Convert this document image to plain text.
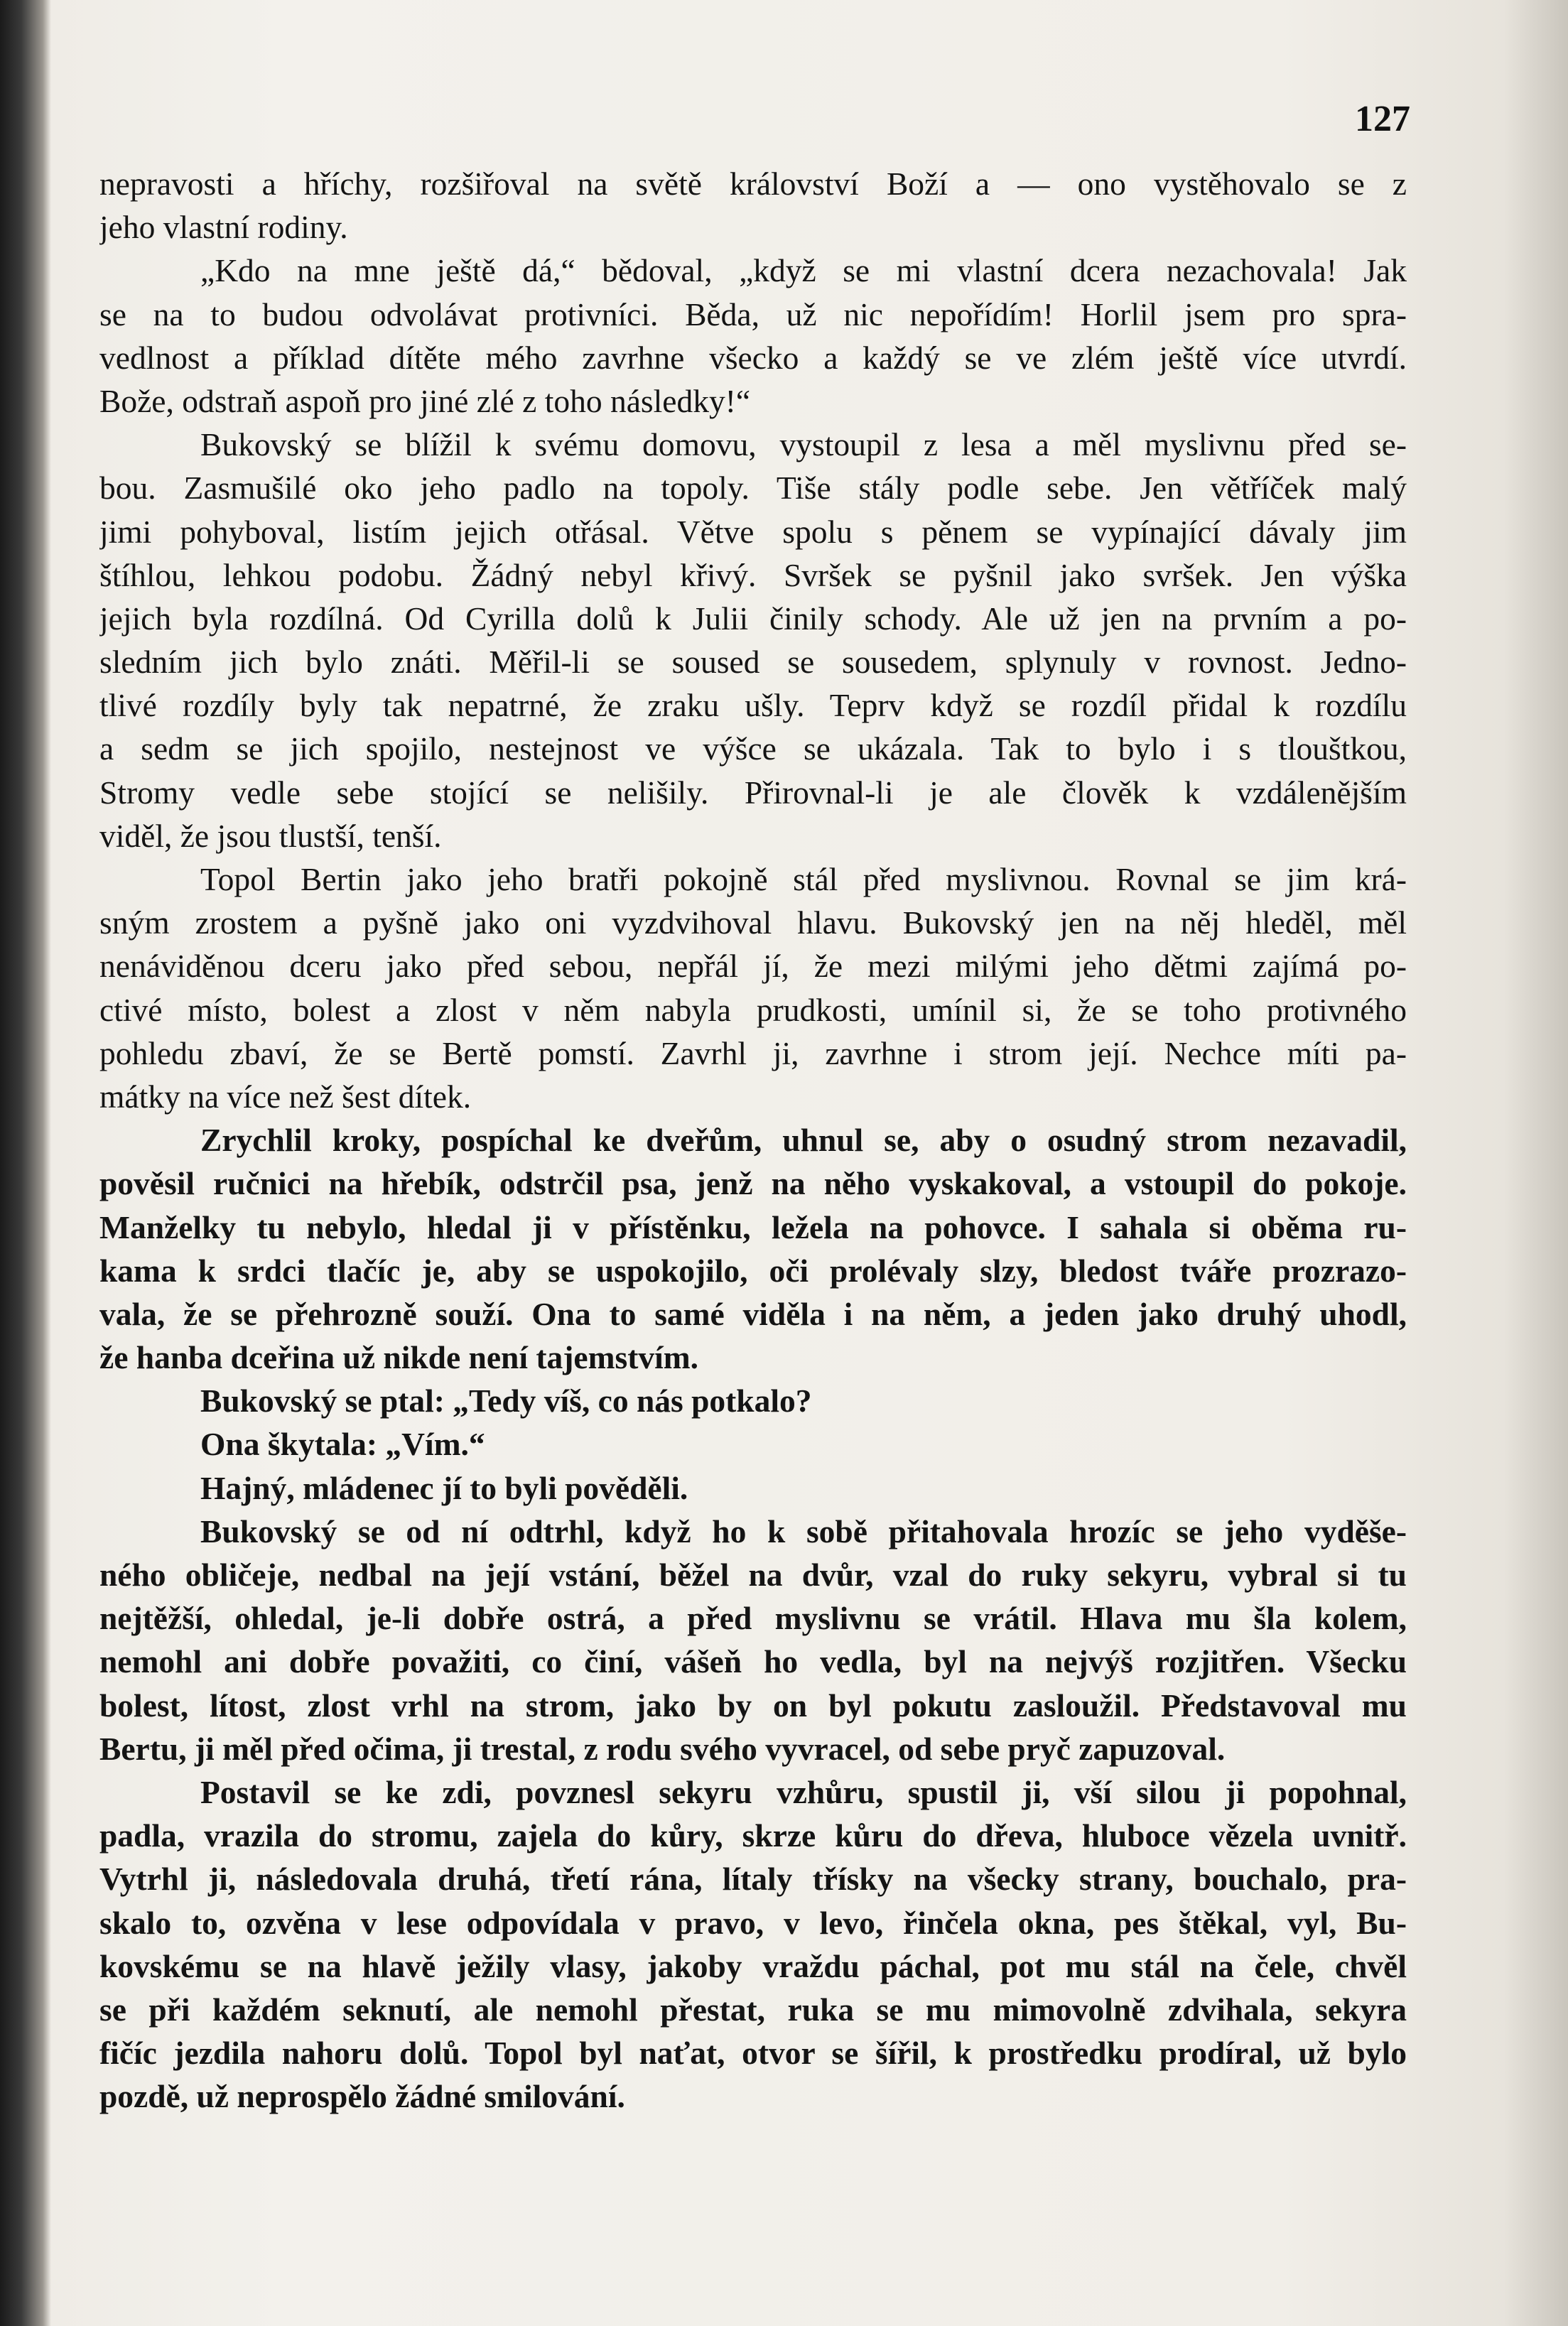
127
nepravosti a hříchy, rozšiřoval na světě království Boží a — ono vystěhovalo se z
jeho vlastní rodiny.
„Kdo na mne ještě dá,“ bědoval, „když se mi vlastní dcera nezachovala! Jak
se na to budou odvolávat protivníci. Běda, už nic nepořídím! Horlil jsem pro spra-
vedlnost a příklad dítěte mého zavrhne všecko a každý se ve zlém ještě více utvrdí.
Bože, odstraň aspoň pro jiné zlé z toho následky!“
Bukovský se blížil k svému domovu, vystoupil z lesa a měl myslivnu před se-
bou. Zasmušilé oko jeho padlo na topoly. Tiše stály podle sebe. Jen větříček malý
jimi pohyboval, listím jejich otřásal. Větve spolu s pěnem se vypínající dávaly jim
štíhlou, lehkou podobu. Žádný nebyl křivý. Svršek se pyšnil jako svršek. Jen výška
jejich byla rozdílná. Od Cyrilla dolů k Julii činily schody. Ale už jen na prvním a po-
sledním jich bylo znáti. Měřil-li se soused se sousedem, splynuly v rovnost. Jedno-
tlivé rozdíly byly tak nepatrné, že zraku ušly. Teprv když se rozdíl přidal k rozdílu
a sedm se jich spojilo, nestejnost ve výšce se ukázala. Tak to bylo i s tlouštkou,
Stromy vedle sebe stojící se nelišily. Přirovnal-li je ale člověk k vzdálenějším
viděl, že jsou tlustší, tenší.
Topol Bertin jako jeho bratři pokojně stál před myslivnou. Rovnal se jim krá-
sným zrostem a pyšně jako oni vyzdvihoval hlavu. Bukovský jen na něj hleděl, měl
nenáviděnou dceru jako před sebou, nepřál jí, že mezi milými jeho dětmi zajímá po-
ctivé místo, bolest a zlost v něm nabyla prudkosti, umínil si, že se toho protivného
pohledu zbaví, že se Bertě pomstí. Zavrhl ji, zavrhne i strom její. Nechce míti pa-
mátky na více než šest dítek.
Zrychlil kroky, pospíchal ke dveřům, uhnul se, aby o osudný strom nezavadil,
pověsil ručnici na hřebík, odstrčil psa, jenž na něho vyskakoval, a vstoupil do pokoje.
Manželky tu nebylo, hledal ji v přístěnku, ležela na pohovce. I sahala si oběma ru-
kama k srdci tlačíc je, aby se uspokojilo, oči prolévaly slzy, bledost tváře prozrazo-
vala, že se přehrozně souží. Ona to samé viděla i na něm, a jeden jako druhý uhodl,
že hanba dceřina už nikde není tajemstvím.
Bukovský se ptal: „Tedy víš, co nás potkalo?
Ona škytala: „Vím.“
Hajný, mládenec jí to byli pověděli.
Bukovský se od ní odtrhl, když ho k sobě přitahovala hrozíc se jeho vyděše-
ného obličeje, nedbal na její vstání, běžel na dvůr, vzal do ruky sekyru, vybral si tu
nejtěžší, ohledal, je-li dobře ostrá, a před myslivnu se vrátil. Hlava mu šla kolem,
nemohl ani dobře považiti, co činí, vášeň ho vedla, byl na nejvýš rozjitřen. Všecku
bolest, lítost, zlost vrhl na strom, jako by on byl pokutu zasloužil. Představoval mu
Bertu, ji měl před očima, ji trestal, z rodu svého vyvracel, od sebe pryč zapuzoval.
Postavil se ke zdi, povznesl sekyru vzhůru, spustil ji, vší silou ji popohnal,
padla, vrazila do stromu, zajela do kůry, skrze kůru do dřeva, hluboce vězela uvnitř.
Vytrhl ji, následovala druhá, třetí rána, lítaly třísky na všecky strany, bouchalo, pra-
skalo to, ozvěna v lese odpovídala v pravo, v levo, řinčela okna, pes štěkal, vyl, Bu-
kovskému se na hlavě ježily vlasy, jakoby vraždu páchal, pot mu stál na čele, chvěl
se při každém seknutí, ale nemohl přestat, ruka se mu mimovolně zdvihala, sekyra
fičíc jezdila nahoru dolů. Topol byl naťat, otvor se šířil, k prostředku prodíral, už bylo
pozdě, už neprospělo žádné smilování.
